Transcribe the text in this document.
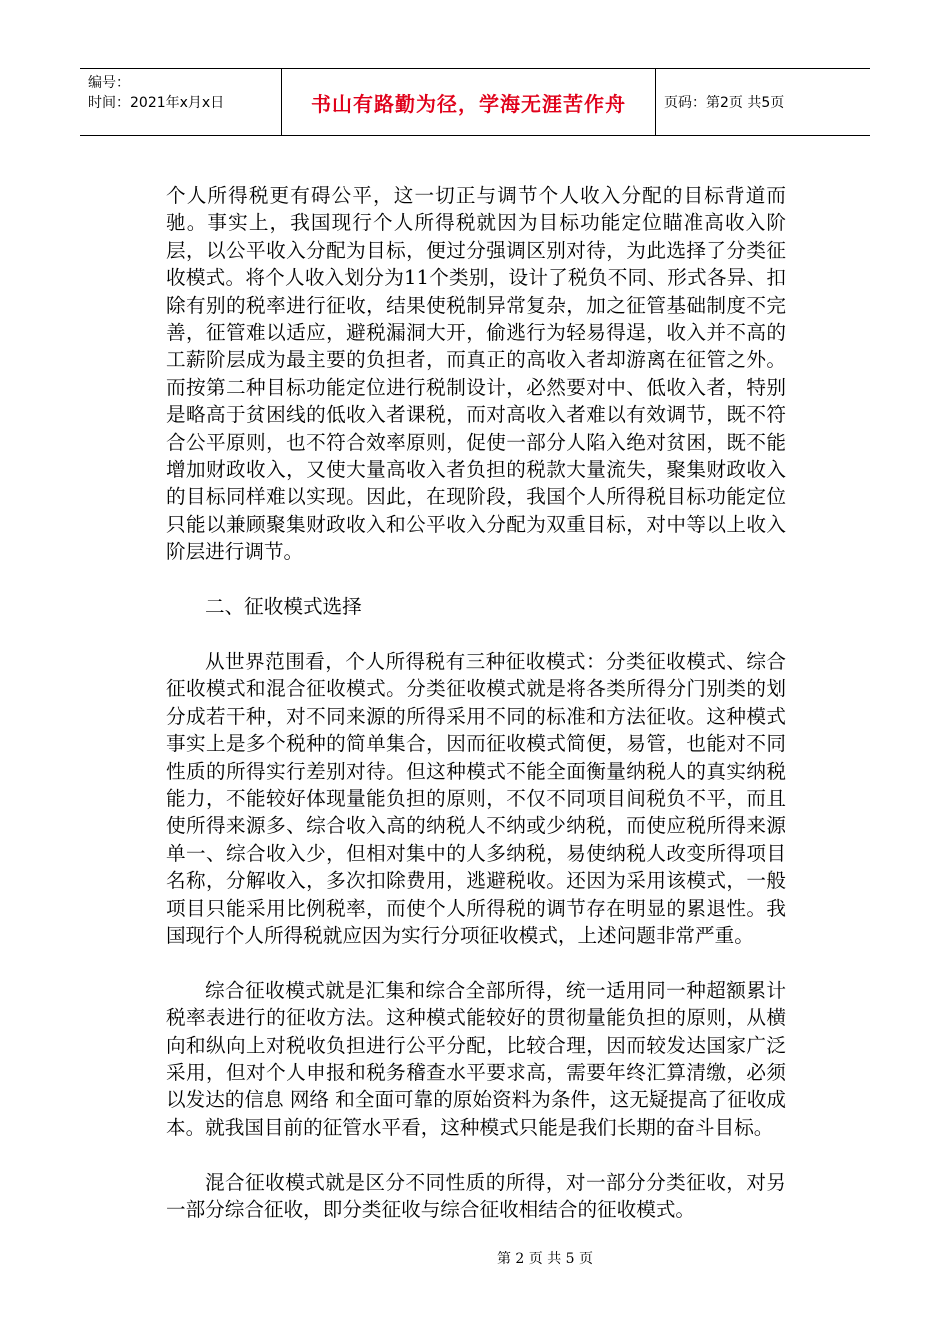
编号：
时间：2021年x月x日	书山有路勤为径，学海无涯苦作舟	页码：第2页 共5页

个人所得税更有碍公平，这一切正与调节个人收入分配的目标背道而驰。事实上，我国现行个人所得税就因为目标功能定位瞄准高收入阶层，以公平收入分配为目标，便过分强调区别对待，为此选择了分类征收模式。将个人收入划分为11个类别，设计了税负不同、形式各异、扣除有别的税率进行征收，结果使税制异常复杂，加之征管基础制度不完善，征管难以适应，避税漏洞大开，偷逃行为轻易得逞，收入并不高的工薪阶层成为最主要的负担者，而真正的高收入者却游离在征管之外。而按第二种目标功能定位进行税制设计，必然要对中、低收入者，特别是略高于贫困线的低收入者课税，而对高收入者难以有效调节，既不符合公平原则，也不符合效率原则，促使一部分人陷入绝对贫困，既不能增加财政收入，又使大量高收入者负担的税款大量流失，聚集财政收入的目标同样难以实现。因此，在现阶段，我国个人所得税目标功能定位只能以兼顾聚集财政收入和公平收入分配为双重目标，对中等以上收入阶层进行调节。

二、征收模式选择

从世界范围看，个人所得税有三种征收模式：分类征收模式、综合征收模式和混合征收模式。分类征收模式就是将各类所得分门别类的划分成若干种，对不同来源的所得采用不同的标准和方法征收。这种模式事实上是多个税种的简单集合，因而征收模式简便，易管，也能对不同性质的所得实行差别对待。但这种模式不能全面衡量纳税人的真实纳税能力，不能较好体现量能负担的原则，不仅不同项目间税负不平，而且使所得来源多、综合收入高的纳税人不纳或少纳税，而使应税所得来源单一、综合收入少，但相对集中的人多纳税，易使纳税人改变所得项目名称，分解收入，多次扣除费用，逃避税收。还因为采用该模式，一般项目只能采用比例税率，而使个人所得税的调节存在明显的累退性。我国现行个人所得税就应因为实行分项征收模式，上述问题非常严重。

综合征收模式就是汇集和综合全部所得，统一适用同一种超额累计税率表进行的征收方法。这种模式能较好的贯彻量能负担的原则，从横向和纵向上对税收负担进行公平分配，比较合理，因而较发达国家广泛采用，但对个人申报和税务稽查水平要求高，需要年终汇算清缴，必须以发达的信息 网络 和全面可靠的原始资料为条件，这无疑提高了征收成本。就我国目前的征管水平看，这种模式只能是我们长期的奋斗目标。

混合征收模式就是区分不同性质的所得，对一部分分类征收，对另一部分综合征收，即分类征收与综合征收相结合的征收模式。

第 2 页 共 5 页
